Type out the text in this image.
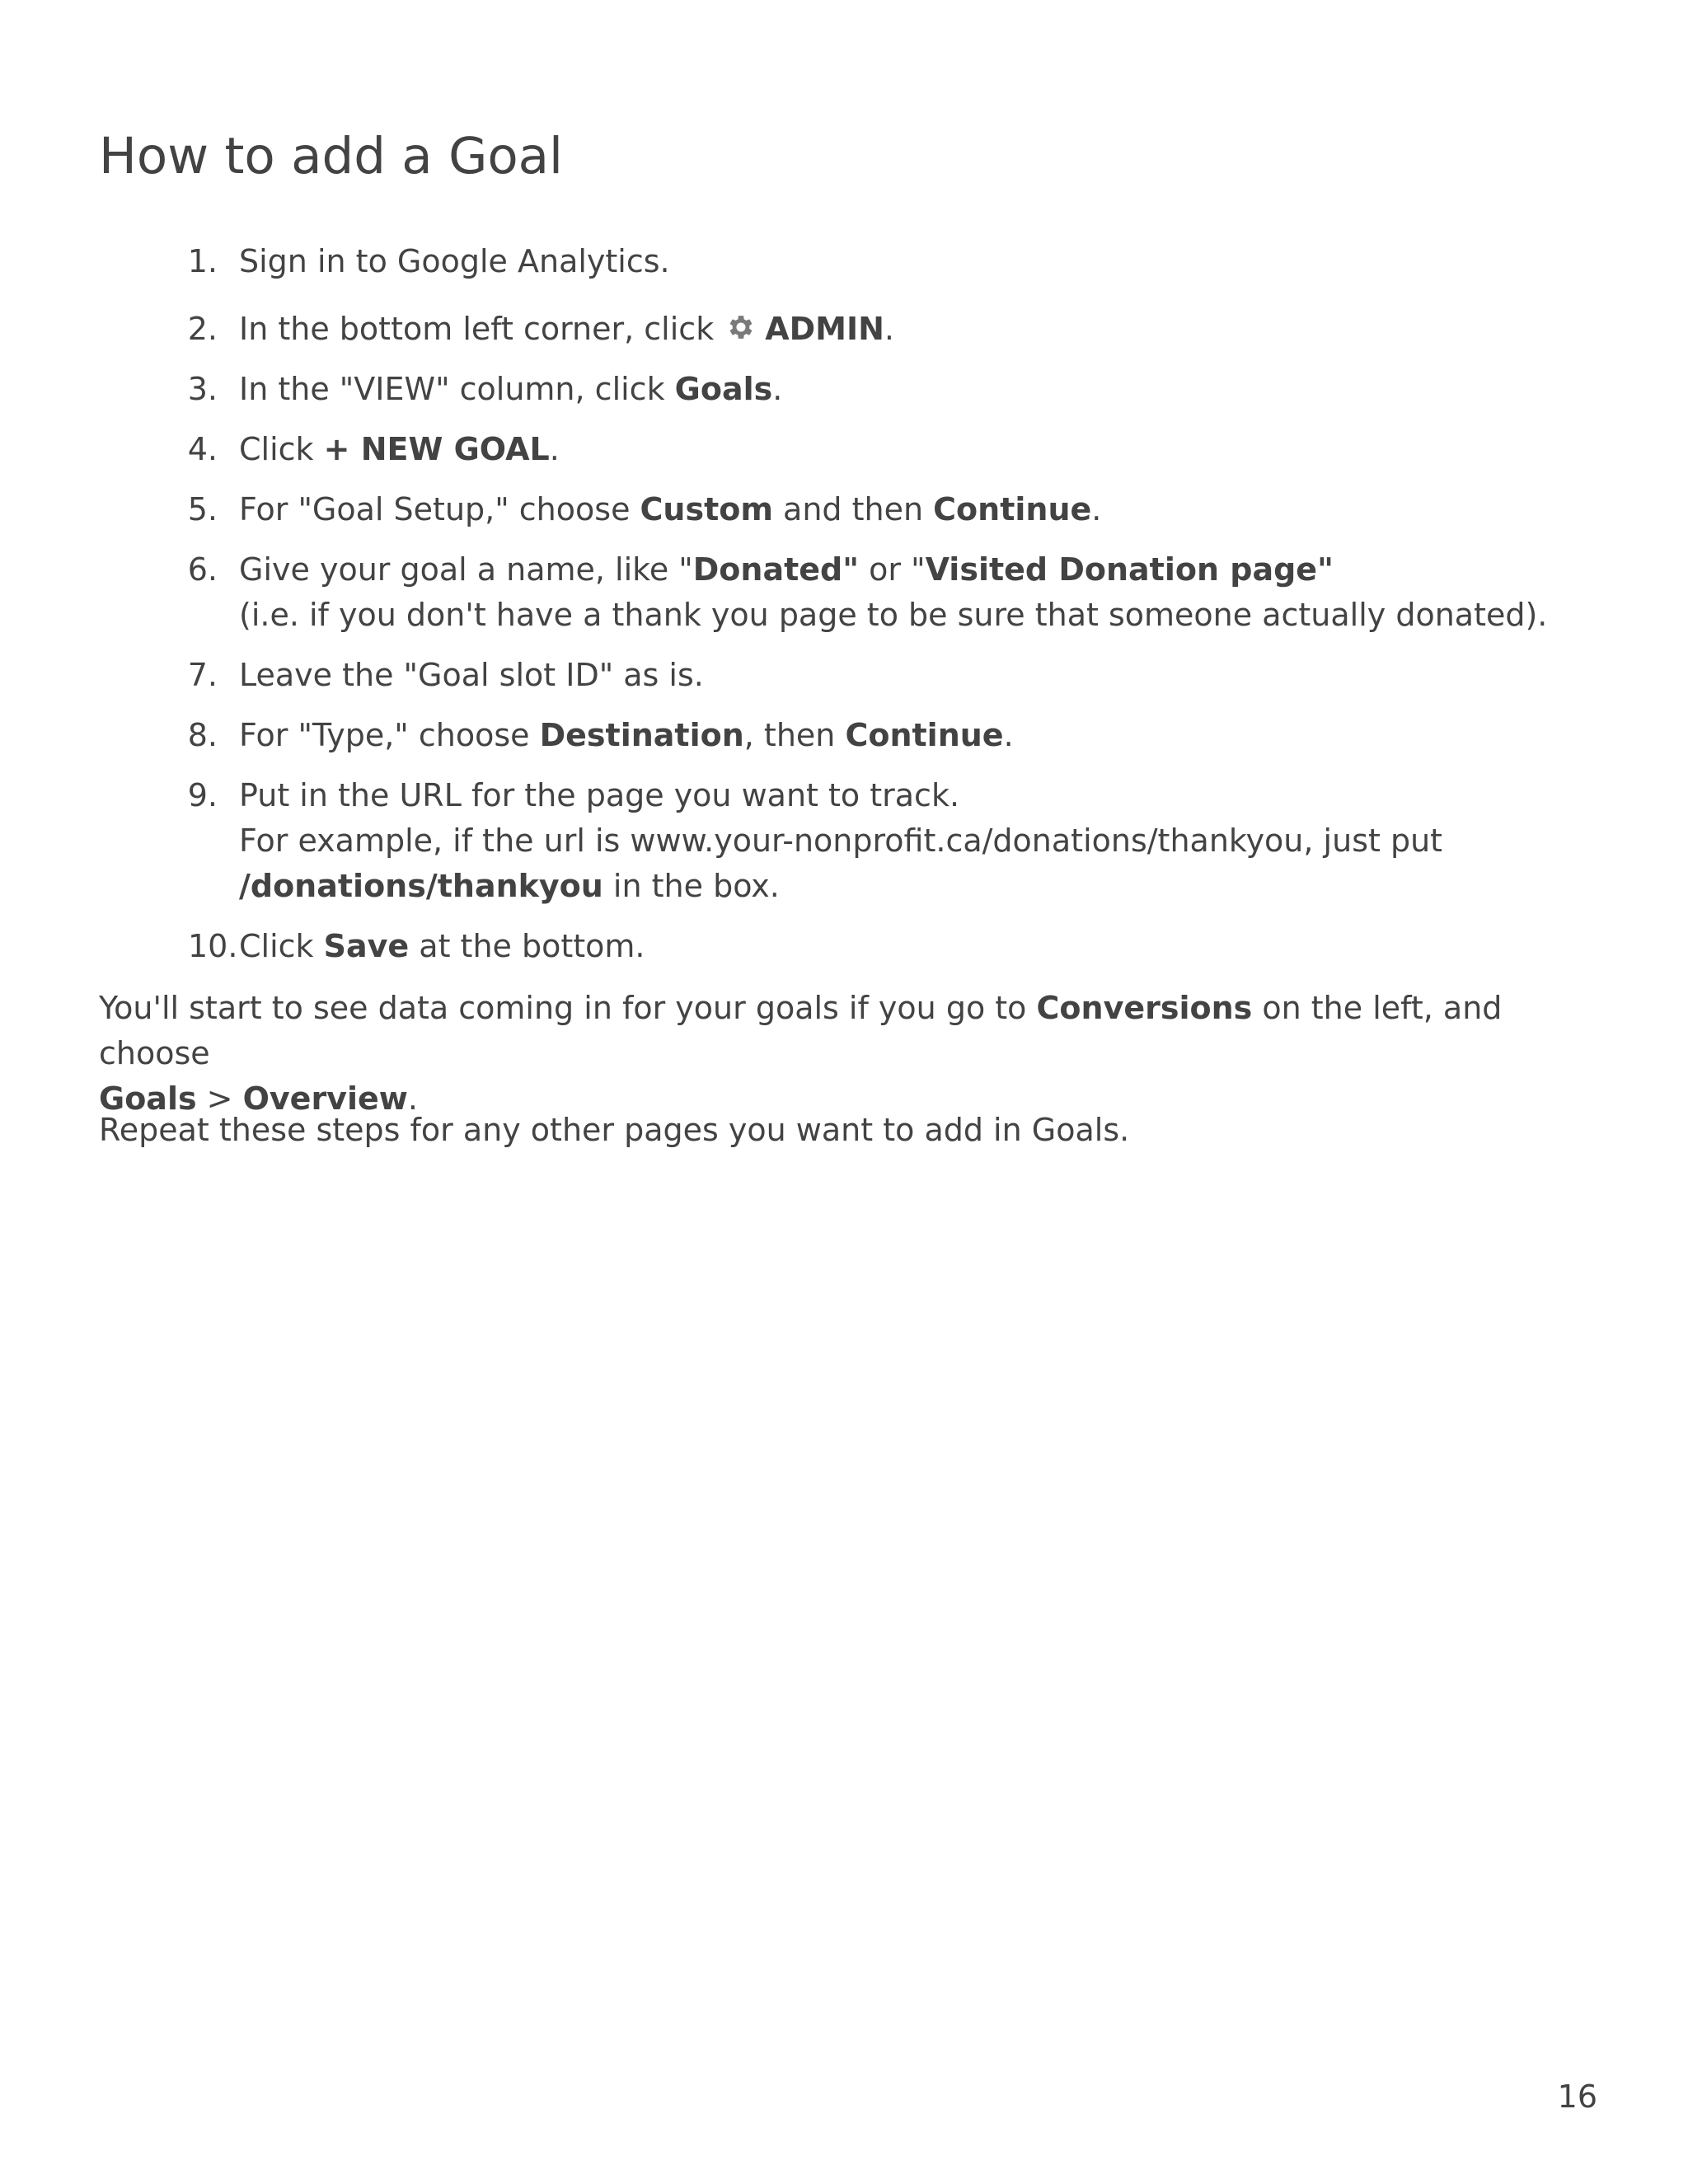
How to add a Goal
1. Sign in to Google Analytics.
2. In the bottom left corner, click ADMIN.
3. In the "VIEW" column, click Goals.
4. Click + NEW GOAL.
5. For "Goal Setup," choose Custom and then Continue.
6. Give your goal a name, like "Donated" or "Visited Donation page"
(i.e. if you don't have a thank you page to be sure that someone actually donated).
7. Leave the "Goal slot ID" as is.
8. For "Type," choose Destination, then Continue.
9. Put in the URL for the page you want to track.
For example, if the url is www.your-nonprofit.ca/donations/thankyou, just put
/donations/thankyou in the box.
10. Click Save at the bottom.

You'll start to see data coming in for your goals if you go to Conversions on the left, and choose
Goals > Overview.

Repeat these steps for any other pages you want to add in Goals.

16
